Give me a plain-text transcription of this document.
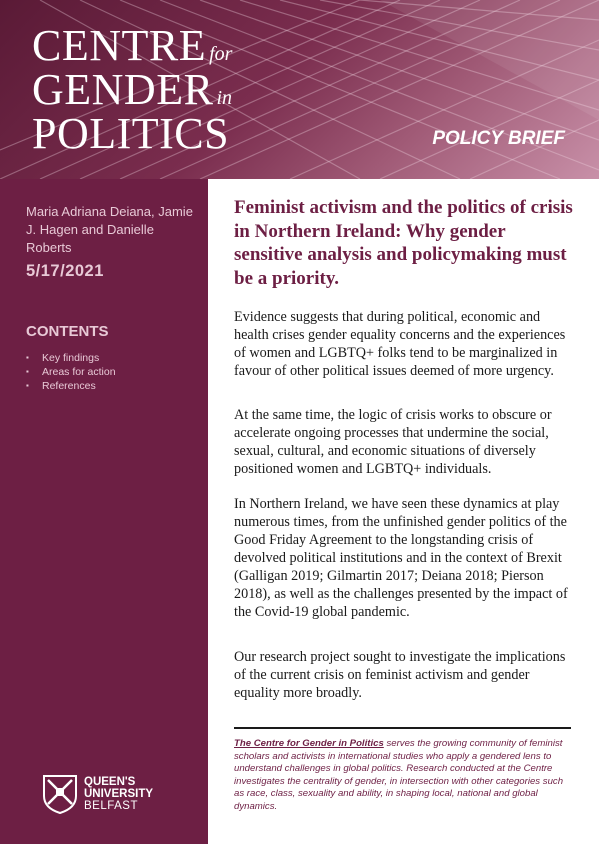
CENTRE for
GENDER in
POLITICS	POLICY BRIEF
Maria Adriana Deiana, Jamie J. Hagen and Danielle Roberts
5/17/2021
CONTENTS
▪ Key findings
▪ Areas for action
▪ References
QUEEN'S
UNIVERSITY
BELFAST
Feminist activism and the politics of crisis in Northern Ireland: Why gender sensitive analysis and policymaking must be a priority.

Evidence suggests that during political, economic and health crises gender equality concerns and the experiences of women and LGBTQ+ folks tend to be marginalized in favour of other political issues deemed of more urgency.

At the same time, the logic of crisis works to obscure or accelerate ongoing processes that undermine the social, sexual, cultural, and economic situations of diversely positioned women and LGBTQ+ individuals.

In Northern Ireland, we have seen these dynamics at play numerous times, from the unfinished gender politics of the Good Friday Agreement to the longstanding crisis of devolved political institutions and in the context of Brexit (Galligan 2019; Gilmartin 2017; Deiana 2018; Pierson 2018), as well as the challenges presented by the impact of the Covid-19 global pandemic.

Our research project sought to investigate the implications of the current crisis on feminist activism and gender equality more broadly.

The Centre for Gender in Politics serves the growing community of feminist scholars and activists in international studies who apply a gendered lens to understand challenges in global politics. Research conducted at the Centre investigates the centrality of gender, in intersection with other categories such as race, class, sexuality and ability, in shaping local, national and global dynamics.
